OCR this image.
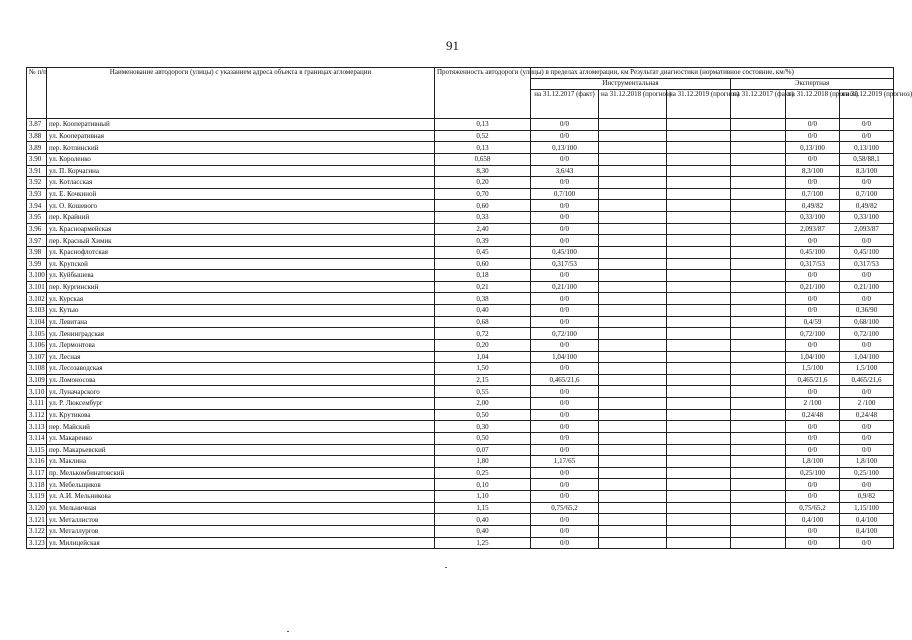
91
№ п/п	Наименование автодороги (улицы) с указанием адреса объекта в границах агломерации	Протяженность автодороги (улицы) в пределах агломерации, км	Результат диагностики (нормативное состояние, км/%)					
			Инструментальная			Экспертная		
			на 31.12.2017 (факт)	на 31.12.2018 (прогноз)	на 31.12.2019 (прогноз)	на 31.12.2017 (факт)	на 31.12.2018 (прогноз)	на 31.12.2019 (прогноз)
3.87	пер. Кооперативный	0,13	0/0				0/0	0/0
3.88	ул. Кооперативная	0,52	0/0				0/0	0/0
3.89	пер. Котлинский	0,13	0,13/100				0,13/100	0,13/100
3.90	ул. Короленко	0,658	0/0				0/0	0,58/88,1
3.91	ул. П. Корчагина	8,30	3,6/43				8,3/100	8,3/100
3.92	ул. Котласская	0,20	0/0				0/0	0/0
3.93	ул. Е. Кочкиной	0,70	0,7/100				0,7/100	0,7/100
3.94	ул. О. Кошевого	0,60	0/0				0,49/82	0,49/82
3.95	пер. Крайний	0,33	0/0				0,33/100	0,33/100
3.96	ул. Красноармейская	2,40	0/0				2,093/87	2,093/87
3.97	пер. Красный Химик	0,39	0/0				0/0	0/0
3.98	ул. Краснофлотская	0,45	0,45/100				0,45/100	0,45/100
3.99	ул. Крупской	0,60	0,317/53				0,317/53	0,317/53
3.100	ул. Куйбышева	0,18	0/0				0/0	0/0
3.101	пер. Кургинский	0,21	0,21/100				0,21/100	0,21/100
3.102	ул. Курская	0,38	0/0				0/0	0/0
3.103	ул. Кутью	0,40	0/0				0/0	0,36/90
3.104	ул. Левитана	0,68	0/0				0,4/59	0,68/100
3.105	ул. Ленинградская	0,72	0,72/100				0,72/100	0,72/100
3.106	ул. Лермонтова	0,20	0/0				0/0	0/0
3.107	ул. Лесная	1,04	1,04/100				1,04/100	1,04/100
3.108	ул. Лесозаводская	1,50	0/0				1,5/100	1,5/100
3.109	ул. Ломоносова	2,15	0,465/21,6				0,465/21,6	0,465/21,6
3.110	ул. Луначарского	0,55	0/0				0/0	0/0
3.111	ул. Р. Люксембург	2,00	0/0				2 /100	2 /100
3.112	ул. Крутикова	0,50	0/0				0,24/48	0,24/48
3.113	пер. Майский	0,30	0/0				0/0	0/0
3.114	ул. Макаренко	0,50	0/0				0/0	0/0
3.115	пер. Макарьевский	0,07	0/0				0/0	0/0
3.116	ул. Маклина	1,80	1,17/65				1,8/100	1,8/100
3.117	пр. Мелькомбинатовский	0,25	0/0				0,25/100	0,25/100
3.118	ул. Мебельщиков	0,10	0/0				0/0	0/0
3.119	ул. А.И. Мельникова	1,10	0/0				0/0	0,9/82
3.120	ул. Мельничная	1,15	0,75/65,2				0,75/65,2	1,15/100
3.121	ул. Металлистов	0,40	0/0				0,4/100	0,4/100
3.122	ул. Металлургов	0,40	0/0				0/0	0,4/100
3.123	ул. Милицейская	1,25	0/0				0/0	0/0
